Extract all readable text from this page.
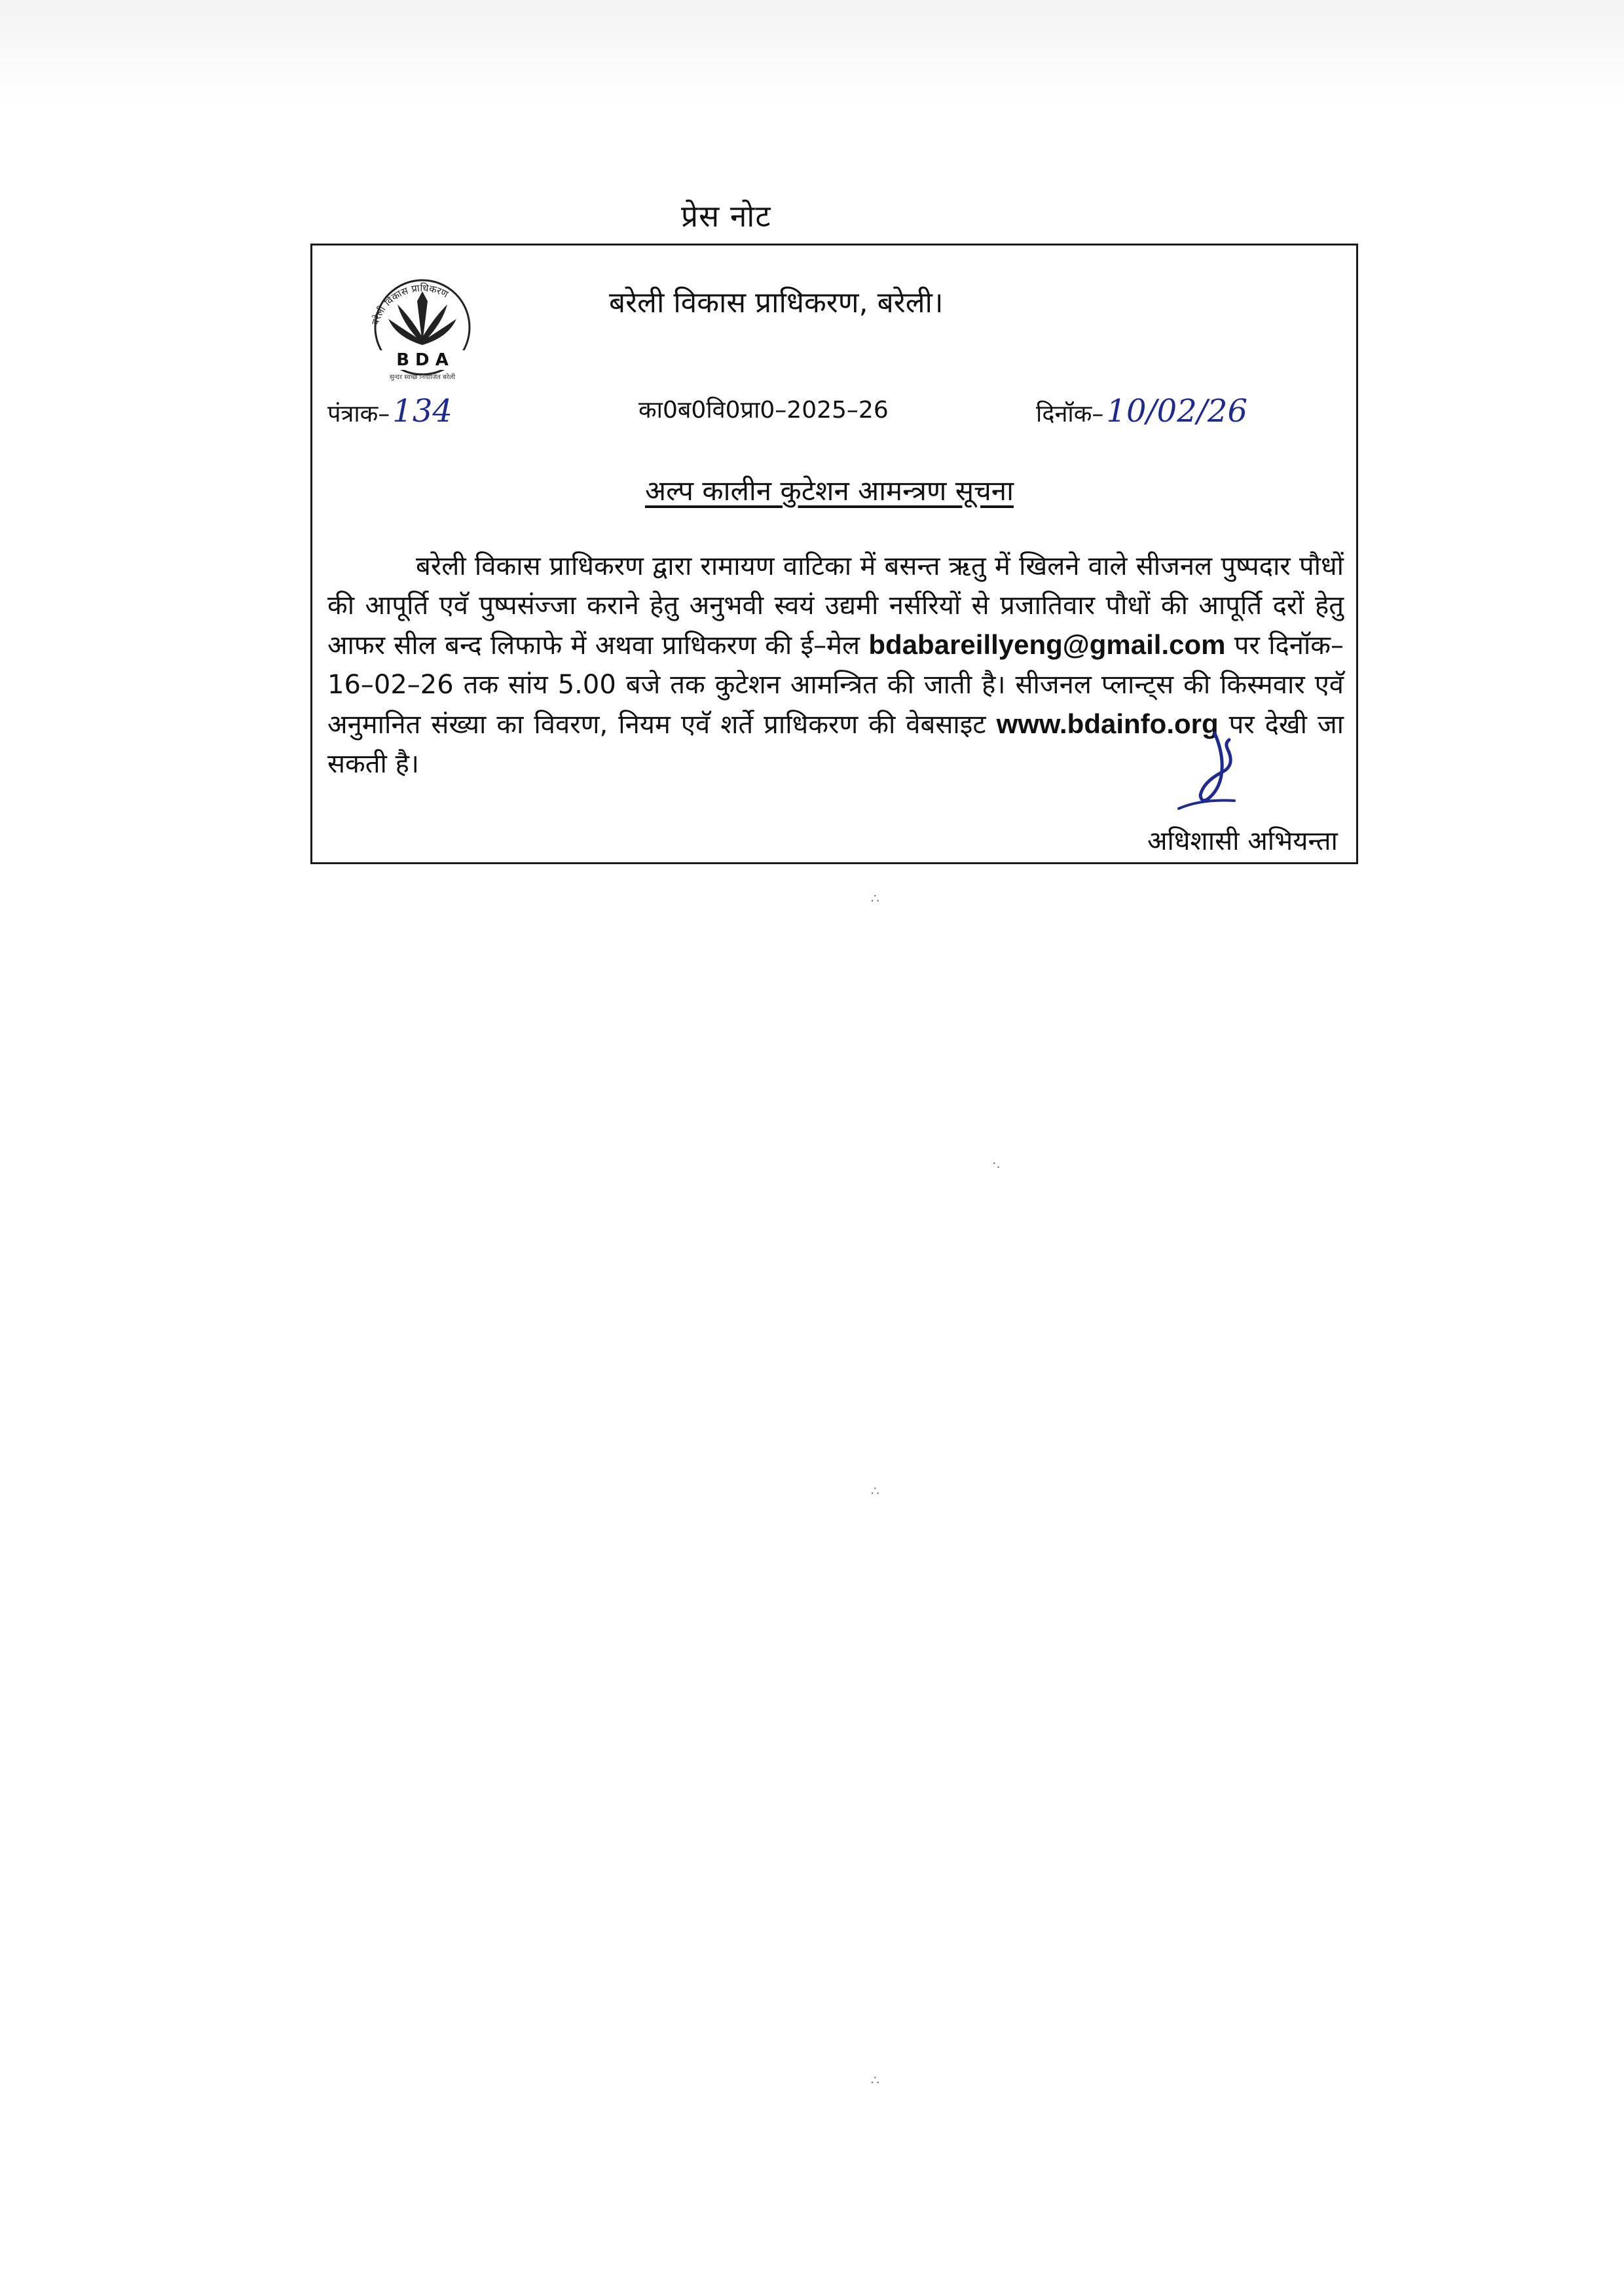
प्रेस नोट
बरेली विकास प्राधिकरण
B D A
सुन्दर स्वच्छ नियोजित बरेली
बरेली विकास प्राधिकरण, बरेली।
पंत्राक–134	का0ब0वि0प्रा0–2025–26	दिनॉक–10/02/26
अल्प कालीन कुटेशन आमन्त्रण सूचना
बरेली विकास प्राधिकरण द्वारा रामायण वाटिका में बसन्त ऋतु में खिलने वाले सीजनल पुष्पदार पौधों की आपूर्ति एवॅ पुष्पसंज्जा कराने हेतु अनुभवी स्वयं उद्यमी नर्सरियों से प्रजातिवार पौधों की आपूर्ति दरों हेतु आफर सील बन्द लिफाफे में अथवा प्राधिकरण की ई–मेल bdabareillyeng@gmail.com पर दिनॉक–16–02–26 तक सांय 5.00 बजे तक कुटेशन आमन्त्रित की जाती है। सीजनल प्लान्ट्स की किस्मवार एवॅ अनुमानित संख्या का विवरण, नियम एवॅ शर्ते प्राधिकरण की वेबसाइट www.bdainfo.org पर देखी जा सकती है।
अधिशासी अभियन्ता
∴
·.
∴
∴
